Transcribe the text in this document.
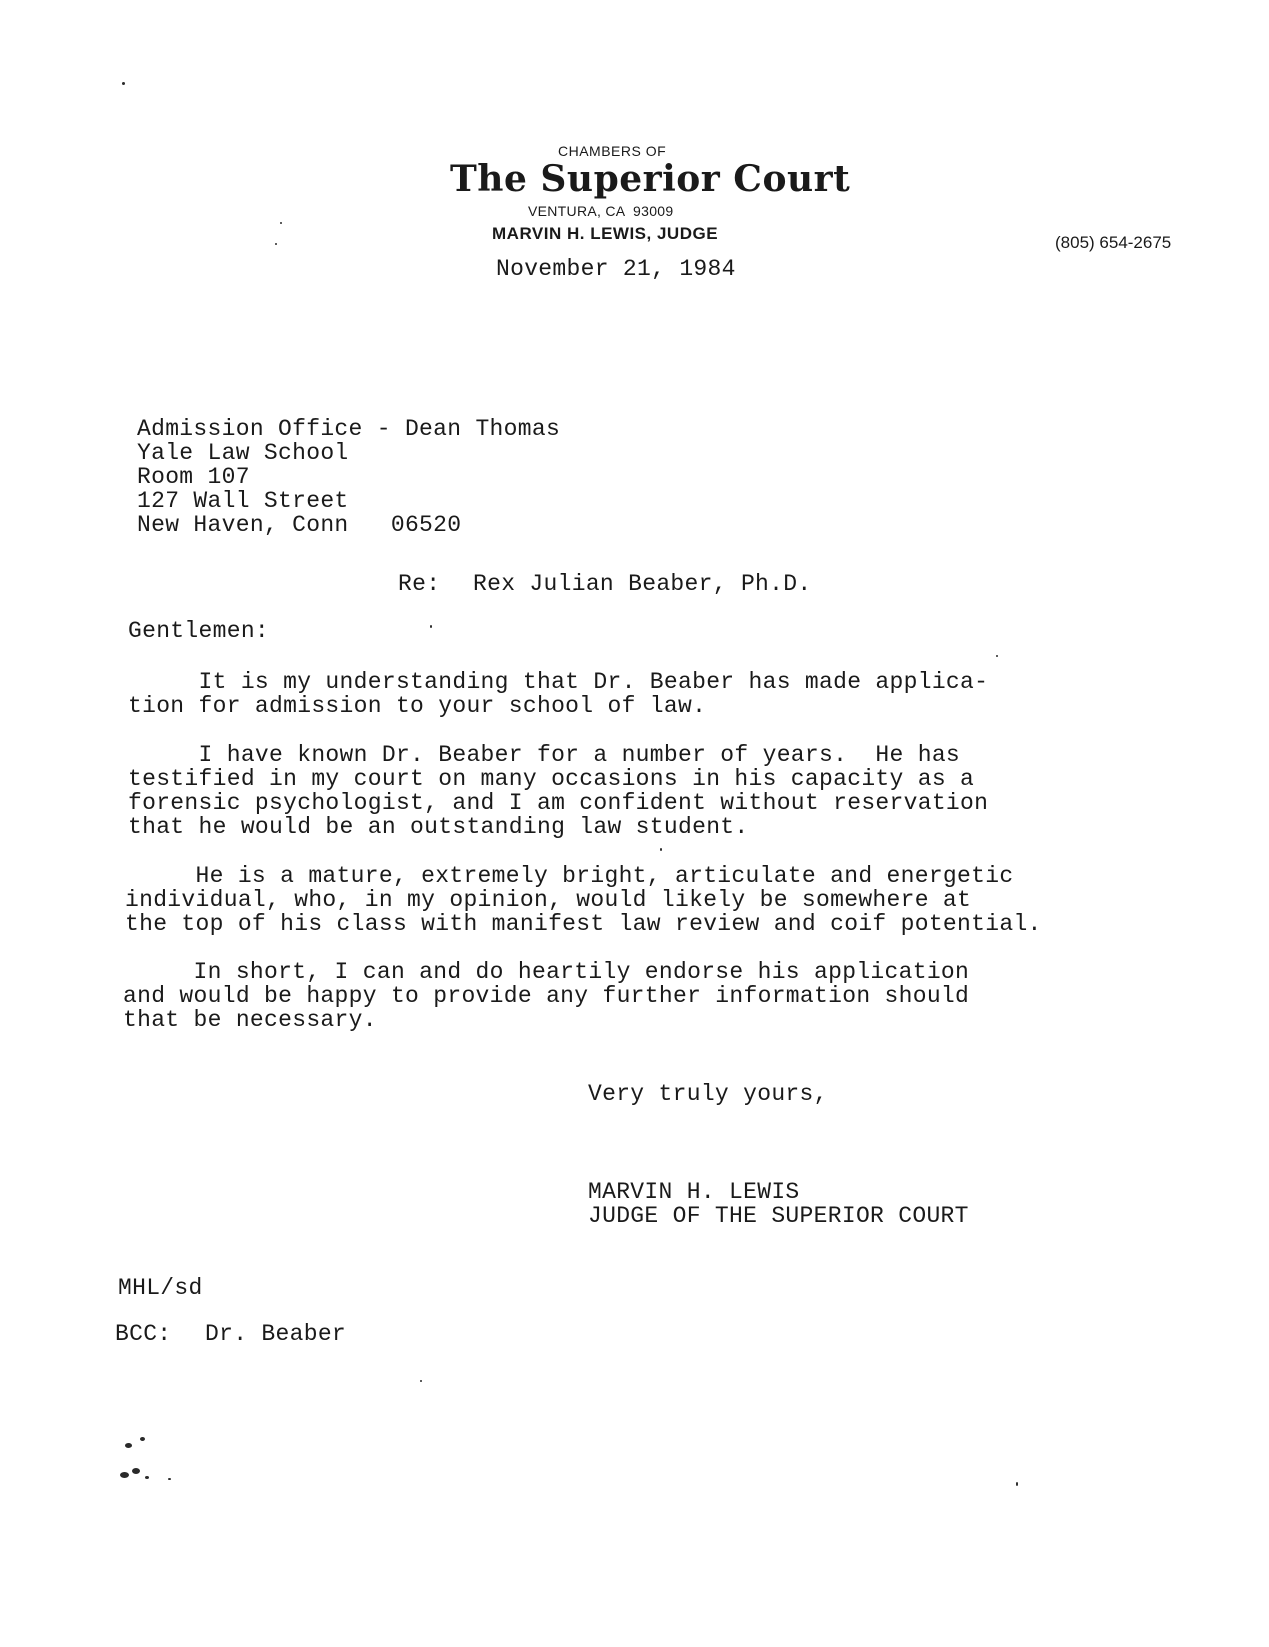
CHAMBERS OF
The Superior Court
VENTURA, CA  93009
MARVIN H. LEWIS, JUDGE	(805) 654-2675
November 21, 1984
Admission Office - Dean Thomas
Yale Law School
Room 107
127 Wall Street
New Haven, Conn   06520
Re: Rex Julian Beaber, Ph.D.
Gentlemen:
It is my understanding that Dr. Beaber has made applica-
tion for admission to your school of law.
I have known Dr. Beaber for a number of years.  He has
testified in my court on many occasions in his capacity as a
forensic psychologist, and I am confident without reservation
that he would be an outstanding law student.
He is a mature, extremely bright, articulate and energetic
individual, who, in my opinion, would likely be somewhere at
the top of his class with manifest law review and coif potential.
In short, I can and do heartily endorse his application
and would be happy to provide any further information should
that be necessary.
Very truly yours,
MARVIN H. LEWIS
JUDGE OF THE SUPERIOR COURT
MHL/sd
BCC: Dr. Beaber
